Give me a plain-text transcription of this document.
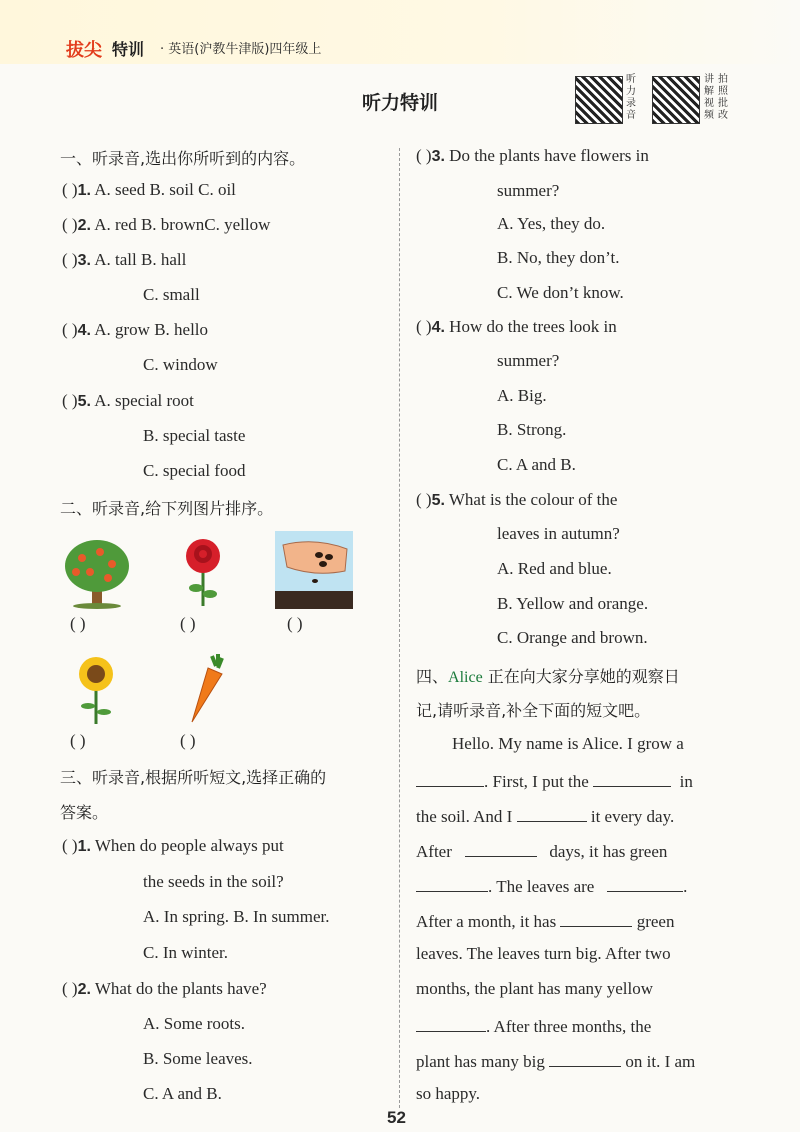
拔尖 特训 · 英语(沪教牛津版)四年级上
听力特训
听力录音
讲解视频
拍照批改
一、听录音,选出你所听到的内容。
( )1. A. seed B. soil C. oil
( )2. A. red B. brownC. yellow
( )3. A. tall B. hall
C. small
( )4. A. grow B. hello
C. window
( )5. A. special root
B. special taste
C. special food
二、听录音,给下列图片排序。
( )	( )	( )
( )	( )
三、听录音,根据所听短文,选择正确的
答案。
( )1. When do people always put
the seeds in the soil?
A. In spring. B. In summer.
C. In winter.
( )2. What do the plants have?
A. Some roots.
B. Some leaves.
C. A and B.
( )3. Do the plants have flowers in
summer?
A. Yes, they do.
B. No, they don’t.
C. We don’t know.
( )4. How do the trees look in
summer?
A. Big.
B. Strong.
C. A and B.
( )5. What is the colour of the
leaves in autumn?
A. Red and blue.
B. Yellow and orange.
C. Orange and brown.
四、Alice 正在向大家分享她的观察日
记,请听录音,补全下面的短文吧。
Hello. My name is Alice. I grow a
. First, I put the	in
the soil. And I	it every day.
After	days, it has green
. The leaves are	.
After a month, it has	green
leaves. The leaves turn big. After two
months, the plant has many yellow
. After three months, the
plant has many big	on it. I am
so happy.
52
